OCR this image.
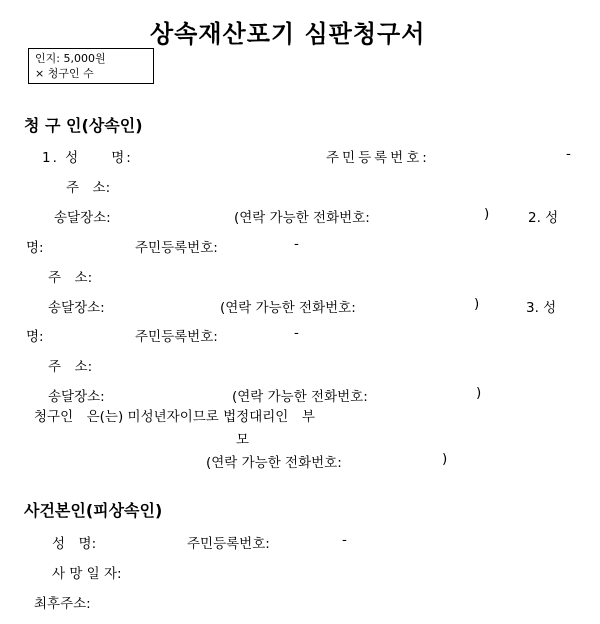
상속재산포기 심판청구서
인지: 5,000원
× 청구인 수
청 구 인(상속인)
1. 성　　명:	주민등록번호:	-
주　소:
송달장소:	(연락 가능한 전화번호:	)	2. 성
명:	주민등록번호:	-
주　소:
송달장소:	(연락 가능한 전화번호:	)	3. 성
명:	주민등록번호:	-
주　소:
송달장소:	(연락 가능한 전화번호:	)
청구인　은(는) 미성년자이므로 법정대리인　부
모
(연락 가능한 전화번호:	)
사건본인(피상속인)
성　명:	주민등록번호:	-
사 망 일 자:
최후주소:
